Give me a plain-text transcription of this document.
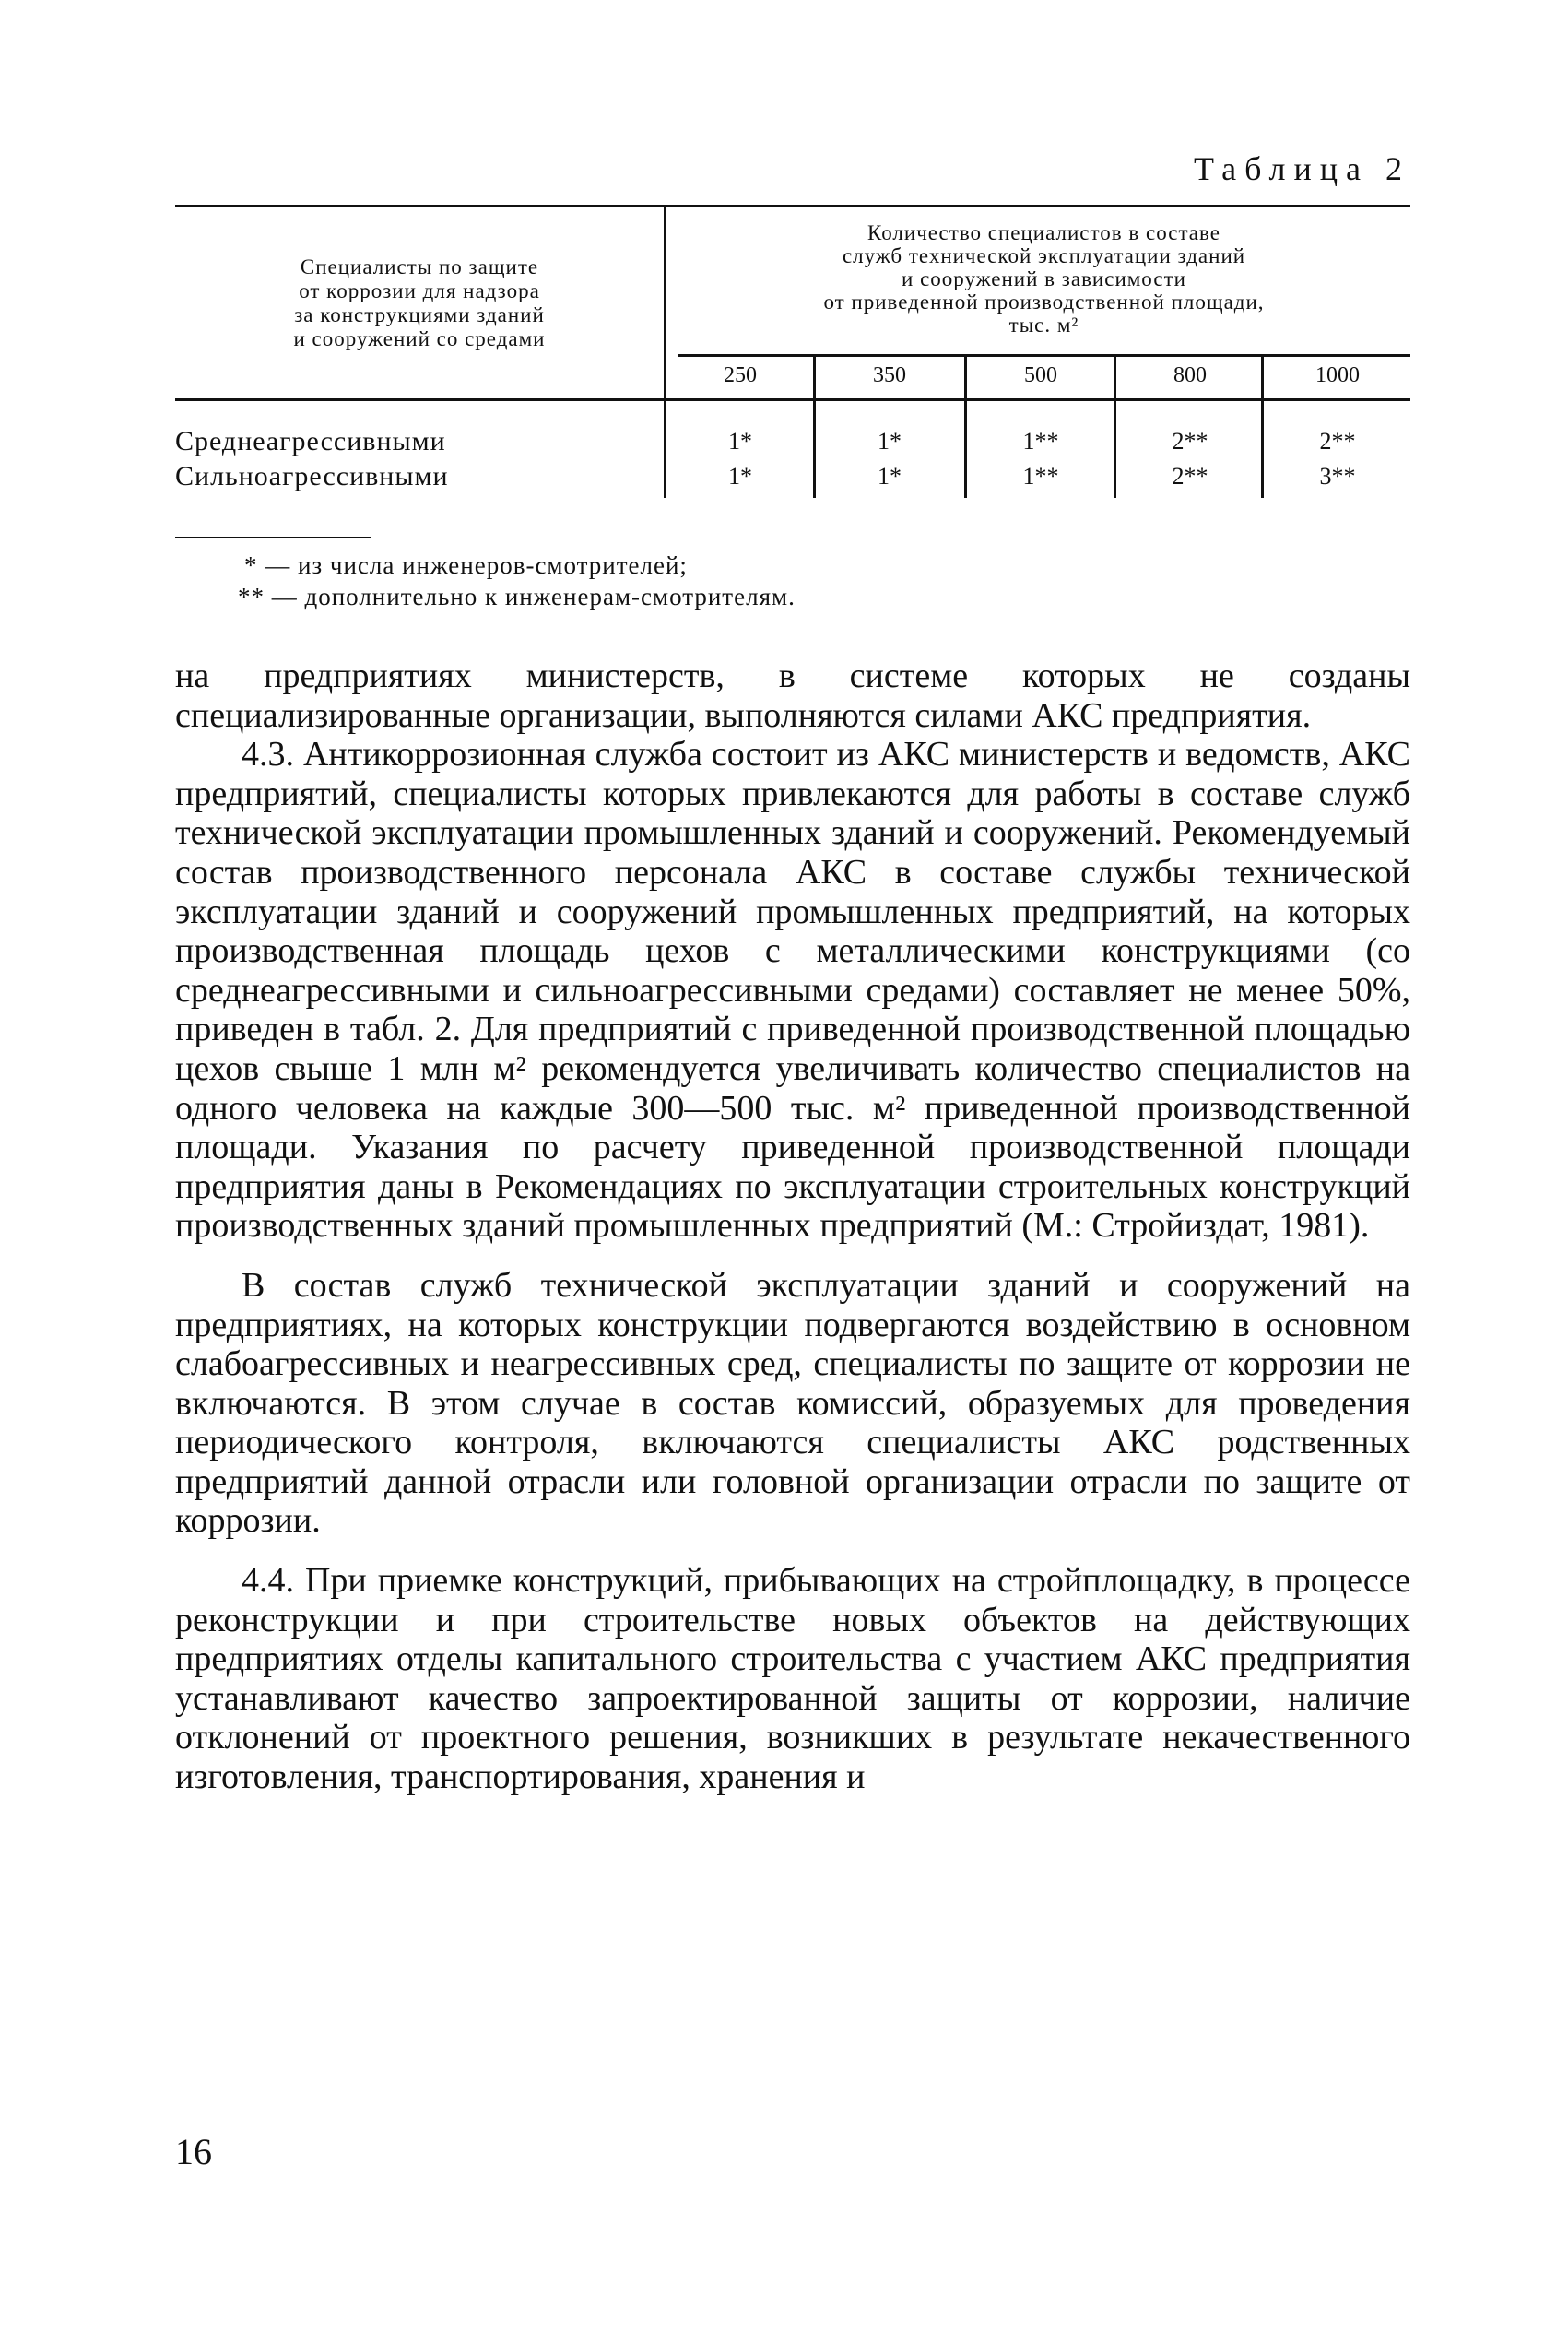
Таблица 2
Специалисты по защите
от коррозии для надзора
за конструкциями зданий
и сооружений со средами
Количество специалистов в составе
служб технической эксплуатации зданий
и сооружений в зависимости
от приведенной производственной площади,
тыс. м²
250	350	500	800	1000
Среднеагрессивными	1*	1*	1**	2**	2**
Сильноагрессивными	1*	1*	1**	2**	3**
* — из числа инженеров-смотрителей;
** — дополнительно к инженерам-смотрителям.

на предприятиях министерств, в системе которых не созданы специализированные организации, выполняются силами АКС предприятия.

4.3. Антикоррозионная служба состоит из АКС министерств и ведомств, АКС предприятий, специалисты которых привлекаются для работы в составе служб технической эксплуатации промышленных зданий и сооружений. Рекомендуемый состав производственного персонала АКС в составе службы технической эксплуатации зданий и сооружений промышленных предприятий, на которых производственная площадь цехов с металлическими конструкциями (со среднеагрессивными и сильноагрессивными средами) составляет не менее 50%, приведен в табл. 2. Для предприятий с приведенной производственной площадью цехов свыше 1 млн м² рекомендуется увеличивать количество специалистов на одного человека на каждые 300—500 тыс. м² приведенной производственной площади. Указания по расчету приведенной производственной площади предприятия даны в Рекомендациях по эксплуатации строительных конструкций производственных зданий промышленных предприятий (М.: Стройиздат, 1981).

В состав служб технической эксплуатации зданий и сооружений на предприятиях, на которых конструкции подвергаются воздействию в основном слабоагрессивных и неагрессивных сред, специалисты по защите от коррозии не включаются. В этом случае в состав комиссий, образуемых для проведения периодического контроля, включаются специалисты АКС родственных предприятий данной отрасли или головной организации отрасли по защите от коррозии.

4.4. При приемке конструкций, прибывающих на стройплощадку, в процессе реконструкции и при строительстве новых объектов на действующих предприятиях отделы капитального строительства с участием АКС предприятия устанавливают качество запроектированной защиты от коррозии, наличие отклонений от проектного решения, возникших в результате некачественного изготовления, транспортирования, хранения и

16
